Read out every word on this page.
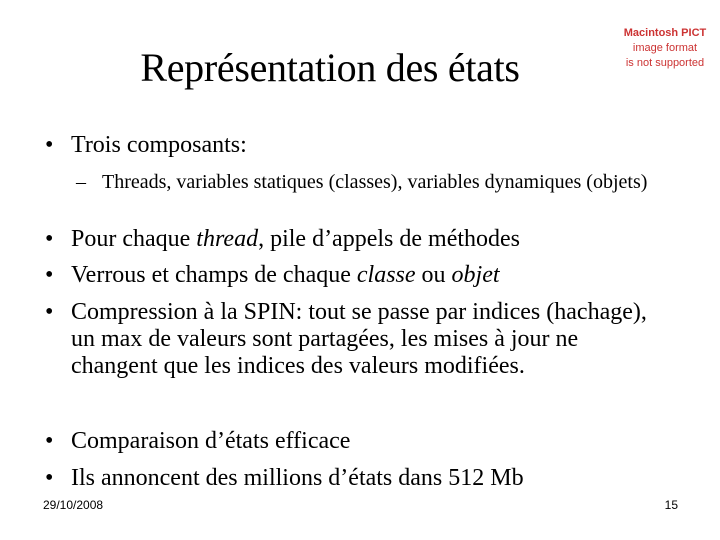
Représentation des états
Macintosh PICT
image format
is not supported
• Trois composants:
– Threads, variables statiques (classes), variables dynamiques (objets)
• Pour chaque thread, pile d’appels de méthodes
• Verrous et champs de chaque classe ou objet
• Compression à la SPIN: tout se passe par indices (hachage), un max de valeurs sont partagées, les mises à jour ne changent que les indices des valeurs modifiées.
• Comparaison d’états efficace
• Ils annoncent des millions d’états dans 512 Mb
29/10/2008	15
